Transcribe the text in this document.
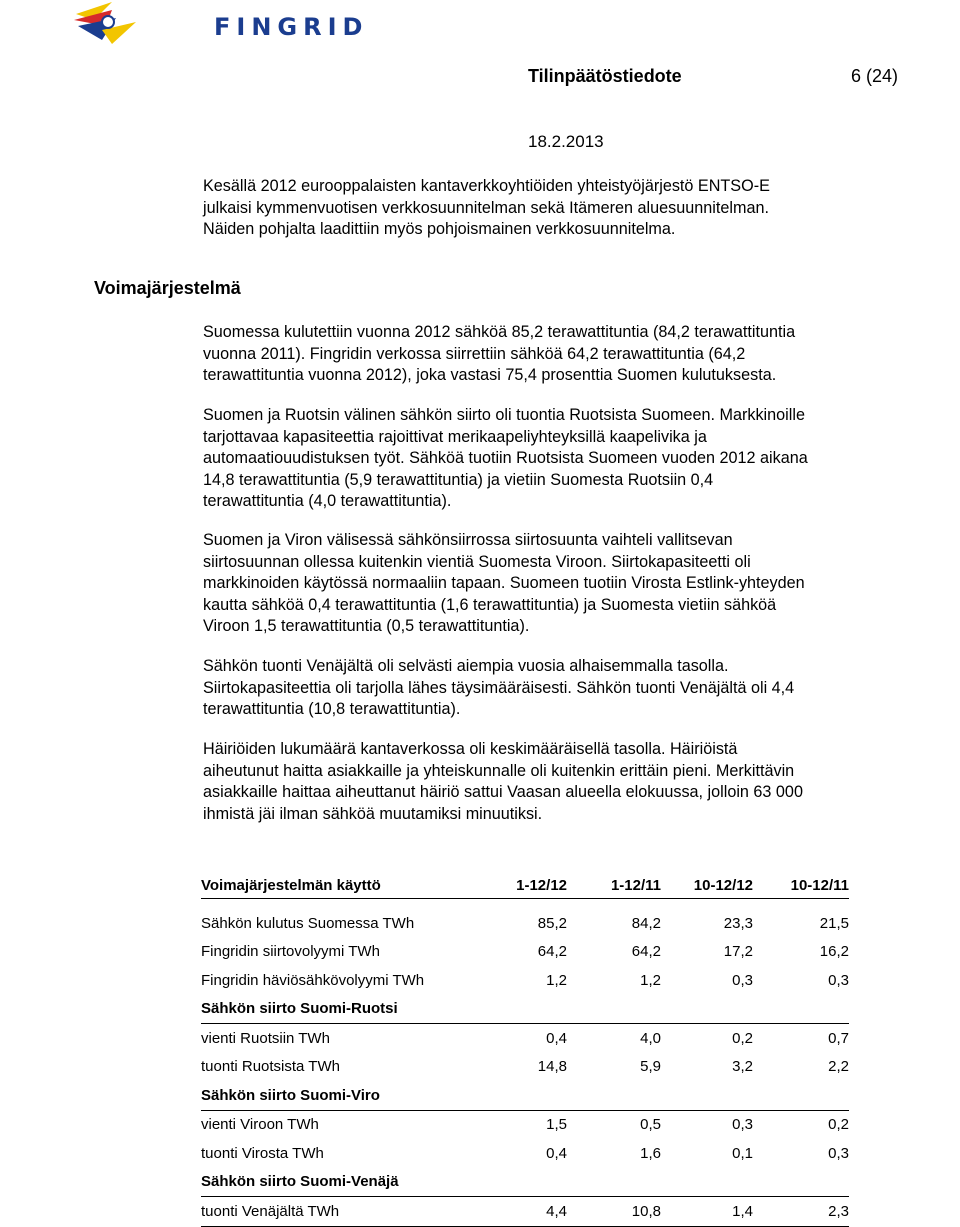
FINGRID
Tilinpäätöstiedote	6 (24)
18.2.2013

Kesällä 2012 eurooppalaisten kantaverkkoyhtiöiden yhteistyöjärjestö ENTSO-E
julkaisi kymmenvuotisen verkkosuunnitelman sekä Itämeren aluesuunnitelman.
Näiden pohjalta laadittiin myös pohjoismainen verkkosuunnitelma.

Voimajärjestelmä

Suomessa kulutettiin vuonna 2012 sähköä 85,2 terawattituntia (84,2 terawattituntia
vuonna 2011). Fingridin verkossa siirrettiin sähköä 64,2 terawattituntia (64,2
terawattituntia vuonna 2012), joka vastasi 75,4 prosenttia Suomen kulutuksesta.

Suomen ja Ruotsin välinen sähkön siirto oli tuontia Ruotsista Suomeen. Markkinoille
tarjottavaa kapasiteettia rajoittivat merikaapeliyhteyksillä kaapelivika ja
automaatiouudistuksen työt. Sähköä tuotiin Ruotsista Suomeen vuoden 2012 aikana
14,8 terawattituntia (5,9 terawattituntia) ja vietiin Suomesta Ruotsiin 0,4
terawattituntia (4,0 terawattituntia).

Suomen ja Viron välisessä sähkönsiirrossa siirtosuunta vaihteli vallitsevan
siirtosuunnan ollessa kuitenkin vientiä Suomesta Viroon. Siirtokapasiteetti oli
markkinoiden käytössä normaaliin tapaan. Suomeen tuotiin Virosta Estlink-yhteyden
kautta sähköä 0,4 terawattituntia (1,6 terawattituntia) ja Suomesta vietiin sähköä
Viroon 1,5 terawattituntia (0,5 terawattituntia).

Sähkön tuonti Venäjältä oli selvästi aiempia vuosia alhaisemmalla tasolla.
Siirtokapasiteettia oli tarjolla lähes täysimääräisesti. Sähkön tuonti Venäjältä oli 4,4
terawattituntia (10,8 terawattituntia).

Häiriöiden lukumäärä kantaverkossa oli keskimääräisellä tasolla. Häiriöistä
aiheutunut haitta asiakkaille ja yhteiskunnalle oli kuitenkin erittäin pieni. Merkittävin
asiakkaille haittaa aiheuttanut häiriö sattui Vaasan alueella elokuussa, jolloin 63 000
ihmistä jäi ilman sähköä muutamiksi minuutiksi.

Voimajärjestelmän käyttö	1-12/12	1-12/11	10-12/12	10-12/11

Sähkön kulutus Suomessa TWh	85,2	84,2	23,3	21,5
Fingridin siirtovolyymi TWh	64,2	64,2	17,2	16,2
Fingridin häviösähkövolyymi TWh	1,2	1,2	0,3	0,3
Sähkön siirto Suomi-Ruotsi				
vienti Ruotsiin TWh	0,4	4,0	0,2	0,7
tuonti Ruotsista TWh	14,8	5,9	3,2	2,2
Sähkön siirto Suomi-Viro				
vienti Viroon TWh	1,5	0,5	0,3	0,2
tuonti Virosta TWh	0,4	1,6	0,1	0,3
Sähkön siirto Suomi-Venäjä				
tuonti Venäjältä TWh	4,4	10,8	1,4	2,3
